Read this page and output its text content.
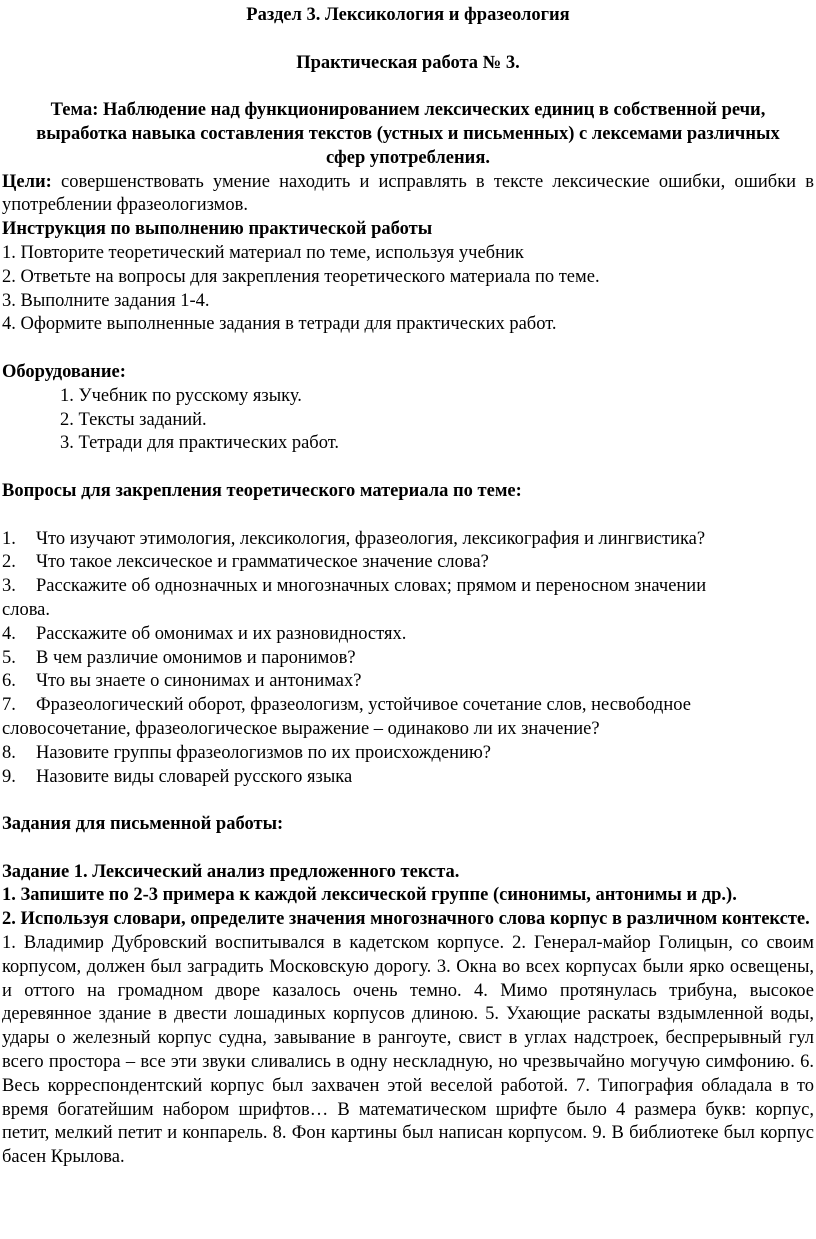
Раздел 3. Лексикология и фразеология
Практическая работа № 3.
Тема: Наблюдение над функционированием лексических единиц в собственной речи, выработка навыка составления текстов (устных и письменных) с лексемами различных сфер употребления.
Цели: совершенствовать умение находить и исправлять в тексте лексические ошибки, ошибки в употреблении фразеологизмов.
Инструкция по выполнению практической работы
1. Повторите теоретический материал по теме, используя учебник
2. Ответьте на вопросы для закрепления теоретического материала по теме.
3. Выполните задания 1-4.
4. Оформите выполненные задания в тетради для практических работ.
Оборудование:
1. Учебник по русскому языку.
2. Тексты заданий.
3. Тетради для практических работ.
Вопросы для закрепления теоретического материала по теме:
1.	Что изучают этимология, лексикология, фразеология, лексикография и лингвистика?
2.	Что такое лексическое и грамматическое значение слова?
3.	Расскажите об однозначных и многозначных словах; прямом и переносном значении
слова.
4.	Расскажите об омонимах и их разновидностях.
5.	В чем различие омонимов и паронимов?
6.	Что вы знаете о синонимах и антонимах?
7.	Фразеологический оборот, фразеологизм, устойчивое сочетание слов, несвободное
словосочетание, фразеологическое выражение – одинаково ли их значение?
8.	Назовите группы фразеологизмов по их происхождению?
9.	Назовите виды словарей русского языка
Задания для письменной работы:
Задание 1. Лексический анализ предложенного текста.
1. Запишите по 2-3 примера к каждой лексической группе (синонимы, антонимы и др.).
2. Используя словари, определите значения многозначного слова корпус в различном контексте.
1. Владимир Дубровский воспитывался в кадетском корпусе. 2. Генерал-майор Голицын, со своим корпусом, должен был заградить Московскую дорогу. 3. Окна во всех корпусах были ярко освещены, и оттого на громадном дворе казалось очень темно. 4. Мимо протянулась трибуна, высокое деревянное здание в двести лошадиных корпусов длиною. 5. Ухающие раскаты вздымленной воды, удары о железный корпус судна, завывание в рангоуте, свист в углах надстроек, беспрерывный гул всего простора – все эти звуки сливались в одну нескладную, но чрезвычайно могучую симфонию. 6. Весь корреспондентский корпус был захвачен этой веселой работой. 7. Типография обладала в то время богатейшим набором шрифтов… В математическом шрифте было 4 размера букв: корпус, петит, мелкий петит и конпарель. 8. Фон картины был написан корпусом. 9. В библиотеке был корпус басен Крылова.
